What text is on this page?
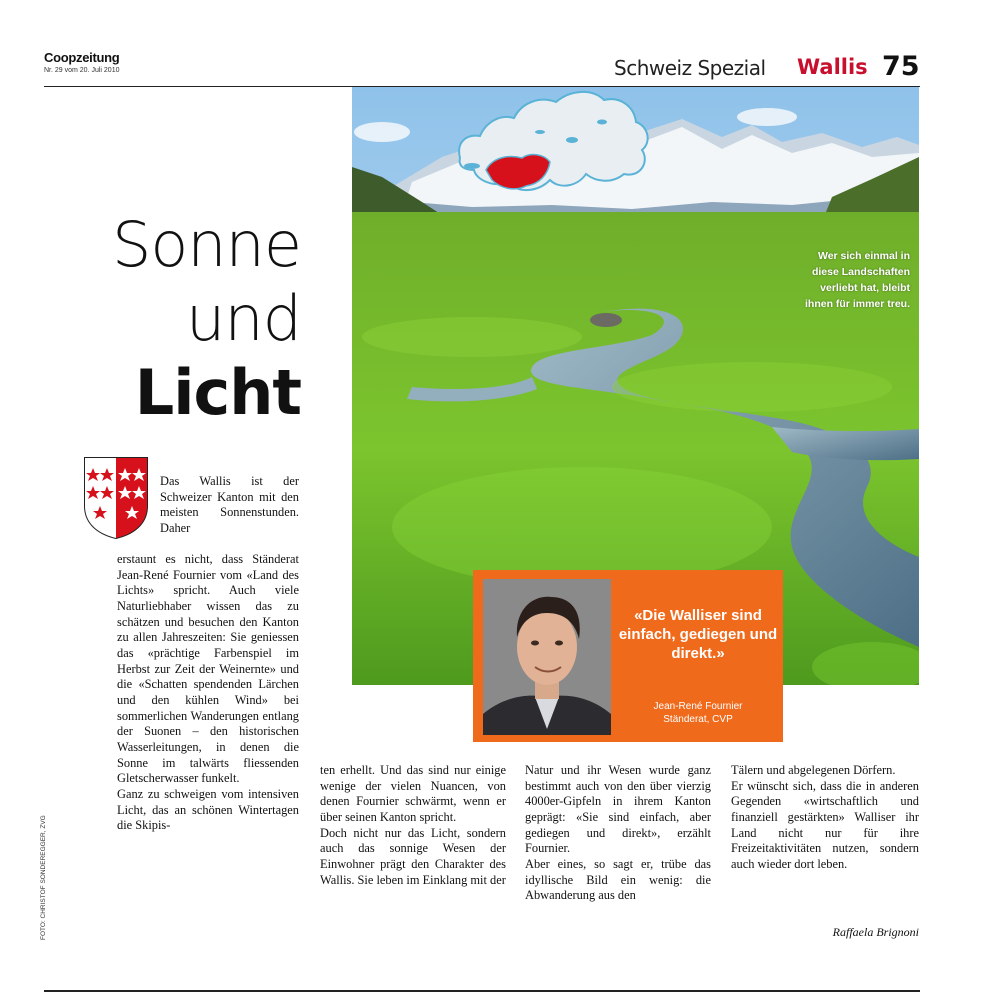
Coopzeitung
Nr. 29 vom 20. Juli 2010	Schweiz Spezial Wallis 75
Sonne
und
Licht
Wer sich einmal in diese Landschaften verliebt hat, bleibt ihnen für immer treu.
«Die Walliser sind einfach, gediegen und direkt.»
Jean-René Fournier
Ständerat, CVP
Das Wallis ist der Schweizer Kanton mit den meisten Sonnenstunden. Daher

erstaunt es nicht, dass Ständerat Jean-René Fournier vom «Land des Lichts» spricht. Auch viele Naturliebhaber wissen das zu schätzen und besuchen den Kanton zu allen Jahreszeiten: Sie geniessen das «prächtige Farbenspiel im Herbst zur Zeit der Weinernte» und die «Schatten spendenden Lärchen und den kühlen Wind» bei sommerlichen Wanderungen entlang der Suonen – den historischen Wasserleitungen, in denen die Sonne im talwärts fliessenden Gletscherwasser funkelt.

Ganz zu schweigen vom intensiven Licht, das an schönen Wintertagen die Skipis-

ten erhellt. Und das sind nur einige wenige der vielen Nuancen, von denen Fournier schwärmt, wenn er über seinen Kanton spricht.

Doch nicht nur das Licht, sondern auch das sonnige Wesen der Einwohner prägt den Charakter des Wallis. Sie leben im Einklang mit der

Natur und ihr Wesen wurde ganz bestimmt auch von den über vierzig 4000er-Gipfeln in ihrem Kanton geprägt: «Sie sind einfach, aber gediegen und direkt», erzählt Fournier.

Aber eines, so sagt er, trübe das idyllische Bild ein wenig: die Abwanderung aus den

Tälern und abgelegenen Dörfern.

Er wünscht sich, dass die in anderen Gegenden «wirtschaftlich und finanziell gestärkten» Walliser ihr Land nicht nur für ihre Freizeitaktivitäten nutzen, sondern auch wieder dort leben.

Raffaela Brignoni
FOTO: CHRISTOF SONDEREGGER, ZVG
